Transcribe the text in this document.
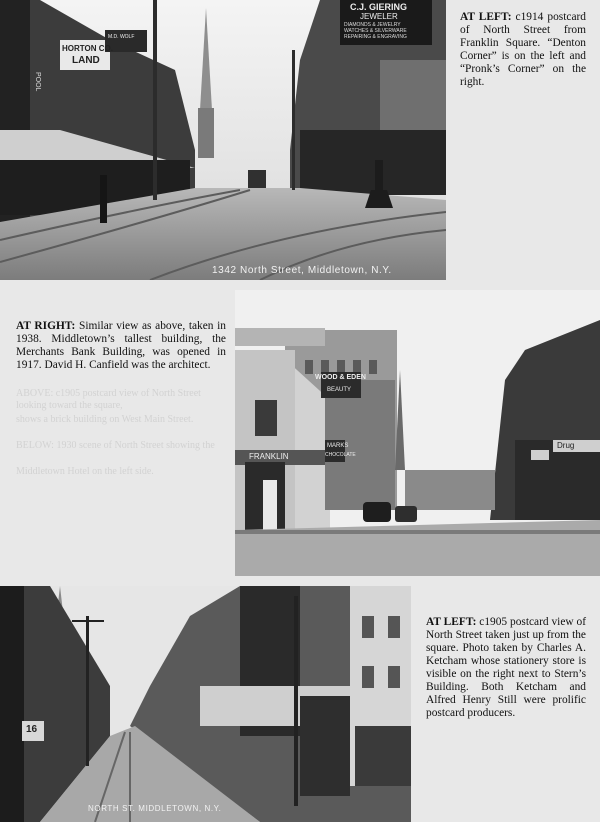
1342 North Street, Middletown, N.Y.
HORTON CO.
LAND
C.J. GIERING
JEWELER
DIAMONDS & JEWELRY
WATCHES & SILVERWARE
REPAIRING & ENGRAVING
M.D. WOLF
POOL
AT LEFT: c1914 postcard of North Street from Franklin Square. “Denton Corner” is on the left and “Pronk’s Corner” on the right.
FRANKLIN
WOOD & EDEN
BEAUTY
MARKS
CHOCOLATE
Drug
AT RIGHT: Similar view as above, taken in 1938. Middletown’s tallest building, the Merchants Bank Building, was opened in 1917. David H. Canfield was the architect.
ABOVE: c1905 postcard view of North Street looking toward the square,
shows a brick building on West Main Street.
BELOW: 1930 scene of North Street showing the
Middletown Hotel on the left side.
NORTH ST. MIDDLETOWN, N.Y.
16
AT LEFT: c1905 postcard view of North Street taken just up from the square. Photo taken by Charles A. Ketcham whose stationery store is visible on the right next to Stern’s Building. Both Ketcham and Alfred Henry Still were prolific postcard producers.
